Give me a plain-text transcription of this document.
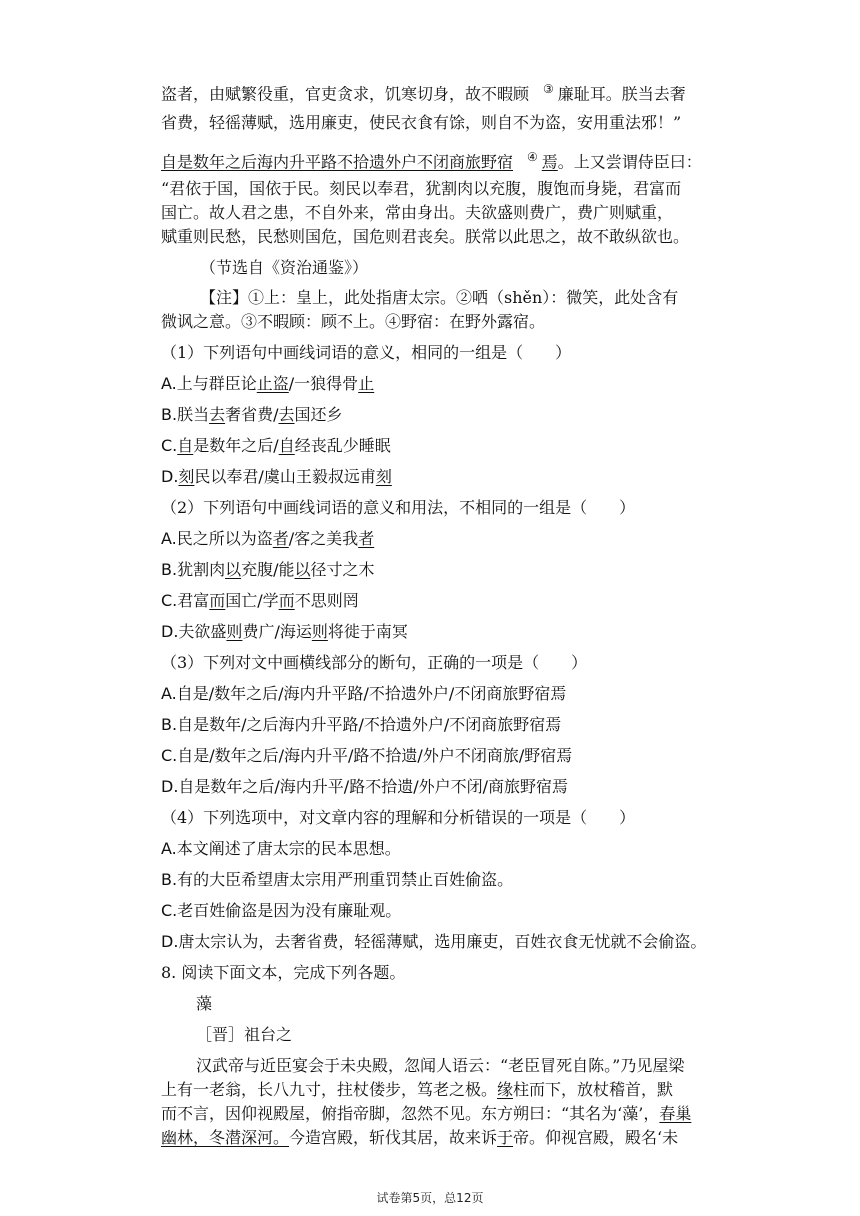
盗者，由赋繁役重，官吏贪求，饥寒切身，故不暇顾 ③ 廉耻耳。朕当去奢
省费，轻徭薄赋，选用廉吏，使民衣食有馀，则自不为盗，安用重法邪！”
自是数年之后海内升平路不拾遗外户不闭商旅野宿 ④ 焉。上又尝谓侍臣曰：
“君依于国，国依于民。刻民以奉君，犹割肉以充腹，腹饱而身毙，君富而
国亡。故人君之患，不自外来，常由身出。夫欲盛则费广，费广则赋重，
赋重则民愁，民愁则国危，国危则君丧矣。朕常以此思之，故不敢纵欲也。
（节选自《资治通鉴》）
【注】①上：皇上，此处指唐太宗。②哂（shěn）：微笑，此处含有
微讽之意。③不暇顾：顾不上。④野宿：在野外露宿。
（1）下列语句中画线词语的意义，相同的一组是（　　）
A.上与群臣论止盗/一狼得骨止
B.朕当去奢省费/去国还乡
C.自是数年之后/自经丧乱少睡眠
D.刻民以奉君/虞山王毅叔远甫刻
（2）下列语句中画线词语的意义和用法，不相同的一组是（　　）
A.民之所以为盗者/客之美我者
B.犹割肉以充腹/能以径寸之木
C.君富而国亡/学而不思则罔
D.夫欲盛则费广/海运则将徙于南冥
（3）下列对文中画横线部分的断句，正确的一项是（　　）
A.自是/数年之后/海内升平路/不拾遗外户/不闭商旅野宿焉
B.自是数年/之后海内升平路/不拾遗外户/不闭商旅野宿焉
C.自是/数年之后/海内升平/路不拾遗/外户不闭商旅/野宿焉
D.自是数年之后/海内升平/路不拾遗/外户不闭/商旅野宿焉
（4）下列选项中，对文章内容的理解和分析错误的一项是（　　）
A.本文阐述了唐太宗的民本思想。
B.有的大臣希望唐太宗用严刑重罚禁止百姓偷盗。
C.老百姓偷盗是因为没有廉耻观。
D.唐太宗认为，去奢省费，轻徭薄赋，选用廉吏，百姓衣食无忧就不会偷盗。
8. 阅读下面文本，完成下列各题。
藻
［晋］祖台之
汉武帝与近臣宴会于未央殿，忽闻人语云：“老臣冒死自陈。”乃见屋梁
上有一老翁，长八九寸，拄杖偻步，笃老之极。缘柱而下，放杖稽首，默
而不言，因仰视殿屋，俯指帝脚，忽然不见。东方朔曰：“其名为‘藻’，春巢
幽林，冬潜深河。今造宫殿，斩伐其居，故来诉于帝。仰视宫殿，殿名‘未
试卷第5页，总12页
